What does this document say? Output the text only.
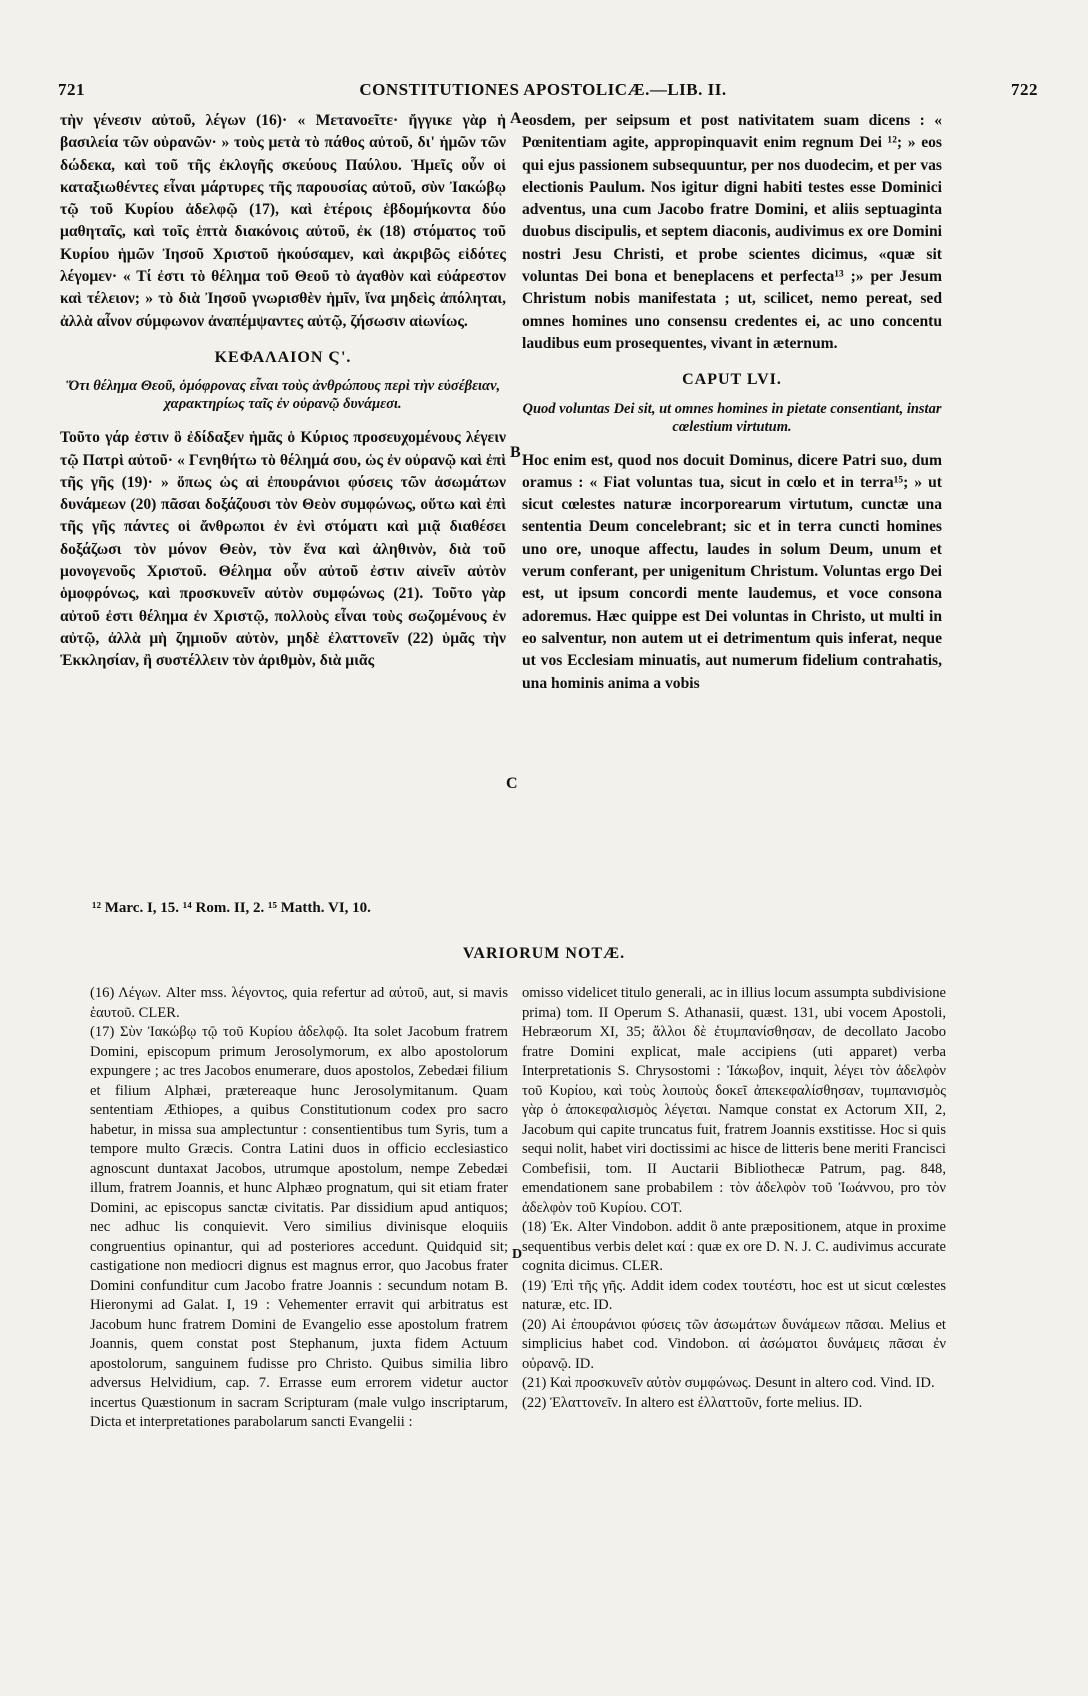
721	CONSTITUTIONES APOSTOLICÆ.—LIB. II.	722

τὴν γένεσιν αὐτοῦ, λέγων (16)· « Μετανοεῖτε· ἤγγικε γὰρ ἡ βασιλεία τῶν οὐρανῶν· » τοὺς μετὰ τὸ πάθος αὐτοῦ, δι' ἡμῶν τῶν δώδεκα, καὶ τοῦ τῆς ἐκλογῆς σκεύους Παύλου. Ἡμεῖς οὖν οἱ καταξιωθέντες εἶναι μάρτυρες τῆς παρουσίας αὐτοῦ, σὺν Ἰακώβῳ τῷ τοῦ Κυρίου ἀδελφῷ (17), καὶ ἑτέροις ἑβδομήκοντα δύο μαθηταῖς, καὶ τοῖς ἑπτὰ διακόνοις αὐτοῦ, ἐκ (18) στόματος τοῦ Κυρίου ἡμῶν Ἰησοῦ Χριστοῦ ἠκούσαμεν, καὶ ἀκριβῶς εἰδότες λέγομεν· « Τί ἐστι τὸ θέλημα τοῦ Θεοῦ τὸ ἀγαθὸν καὶ εὐάρεστον καὶ τέλειον; » τὸ διὰ Ἰησοῦ γνωρισθὲν ἡμῖν, ἵνα μηδεὶς ἀπόληται, ἀλλὰ αἶνον σύμφωνον ἀναπέμψαντες αὐτῷ, ζήσωσιν αἰωνίως.

ΚΕΦΑΛΑΙΟΝ Ϛ'.
Ὅτι θέλημα Θεοῦ, ὁμόφρονας εἶναι τοὺς ἀνθρώπους περὶ τὴν εὐσέβειαν, χαρακτηρίως ταῖς ἐν οὐρανῷ δυνάμεσι.

Τοῦτο γάρ ἐστιν ὃ ἐδίδαξεν ἡμᾶς ὁ Κύριος προσευχομένους λέγειν τῷ Πατρὶ αὐτοῦ· « Γενηθήτω τὸ θέλημά σου, ὡς ἐν οὐρανῷ καὶ ἐπὶ τῆς γῆς (19)· » ὅπως ὡς αἱ ἐπουράνιοι φύσεις τῶν ἀσωμάτων δυνάμεων (20) πᾶσαι δοξάζουσι τὸν Θεὸν συμφώνως, οὕτω καὶ ἐπὶ τῆς γῆς πάντες οἱ ἄνθρωποι ἐν ἑνὶ στόματι καὶ μιᾷ διαθέσει δοξάζωσι τὸν μόνον Θεὸν, τὸν ἕνα καὶ ἀληθινὸν, διὰ τοῦ μονογενοῦς Χριστοῦ. Θέλημα οὖν αὐτοῦ ἐστιν αἰνεῖν αὐτὸν ὁμοφρόνως, καὶ προσκυνεῖν αὐτὸν συμφώνως (21). Τοῦτο γὰρ αὐτοῦ ἐστι θέλημα ἐν Χριστῷ, πολλοὺς εἶναι τοὺς σωζομένους ἐν αὐτῷ, ἀλλὰ μὴ ζημιοῦν αὐτὸν, μηδὲ ἐλαττονεῖν (22) ὑμᾶς τὴν Ἐκκλησίαν, ἢ συστέλλειν τὸν ἀριθμὸν, διὰ μιᾶς

A
B
C

eosdem, per seipsum et post nativitatem suam dicens : « Pœnitentiam agite, appropinquavit enim regnum Dei ¹²; » eos qui ejus passionem subsequuntur, per nos duodecim, et per vas electionis Paulum. Nos igitur digni habiti testes esse Dominici adventus, una cum Jacobo fratre Domini, et aliis septuaginta duobus discipulis, et septem diaconis, audivimus ex ore Domini nostri Jesu Christi, et probe scientes dicimus, «quæ sit voluntas Dei bona et beneplacens et perfecta¹³ ;» per Jesum Christum nobis manifestata ; ut, scilicet, nemo pereat, sed omnes homines uno consensu credentes ei, ac uno concentu laudibus eum prosequentes, vivant in æternum.

CAPUT LVI.
Quod voluntas Dei sit, ut omnes homines in pietate consentiant, instar cœlestium virtutum.

Hoc enim est, quod nos docuit Dominus, dicere Patri suo, dum oramus : « Fiat voluntas tua, sicut in cœlo et in terra¹⁵; » ut sicut cœlestes naturæ incorporearum virtutum, cunctæ una sententia Deum concelebrant; sic et in terra cuncti homines uno ore, unoque affectu, laudes in solum Deum, unum et verum conferant, per unigenitum Christum. Voluntas ergo Dei est, ut ipsum concordi mente laudemus, et voce consona adoremus. Hæc quippe est Dei voluntas in Christo, ut multi in eo salventur, non autem ut ei detrimentum quis inferat, neque ut vos Ecclesiam minuatis, aut numerum fidelium contrahatis, una hominis anima a vobis

¹² Marc. I, 15. ¹⁴ Rom. II, 2. ¹⁵ Matth. VI, 10.
VARIORUM NOTÆ.

(16) Λέγων. Alter mss. λέγοντος, quia refertur ad αὐτοῦ, aut, si mavis ἑαυτοῦ. CLER.

(17) Σὺν Ἰακώβῳ τῷ τοῦ Κυρίου ἀδελφῷ. Ita solet Jacobum fratrem Domini, episcopum primum Jerosolymorum, ex albo apostolorum expungere ; ac tres Jacobos enumerare, duos apostolos, Zebedæi filium et filium Alphæi, prætereaque hunc Jerosolymitanum. Quam sententiam Æthiopes, a quibus Constitutionum codex pro sacro habetur, in missa sua amplectuntur : consentientibus tum Syris, tum a tempore multo Græcis. Contra Latini duos in officio ecclesiastico agnoscunt duntaxat Jacobos, utrumque apostolum, nempe Zebedæi illum, fratrem Joannis, et hunc Alphæo prognatum, qui sit etiam frater Domini, ac episcopus sanctæ civitatis. Par dissidium apud antiquos; nec adhuc lis conquievit. Vero similius divinisque eloquiis congruentius opinantur, qui ad posteriores accedunt. Quidquid sit; castigatione non mediocri dignus est magnus error, quo Jacobus frater Domini confunditur cum Jacobo fratre Joannis : secundum notam B. Hieronymi ad Galat. I, 19 : Vehementer erravit qui arbitratus est Jacobum hunc fratrem Domini de Evangelio esse apostolum fratrem Joannis, quem constat post Stephanum, juxta fidem Actuum apostolorum, sanguinem fudisse pro Christo. Quibus similia libro adversus Helvidium, cap. 7. Errasse eum errorem videtur auctor incertus Quæstionum in sacram Scripturam (male vulgo inscriptarum, Dicta et interpretationes parabolarum sancti Evangelii :

D

omisso videlicet titulo generali, ac in illius locum assumpta subdivisione prima) tom. II Operum S. Athanasii, quæst. 131, ubi vocem Apostoli, Hebræorum XI, 35; ἄλλοι δὲ ἐτυμπανίσθησαν, de decollato Jacobo fratre Domini explicat, male accipiens (uti apparet) verba Interpretationis S. Chrysostomi : Ἰάκωβον, inquit, λέγει τὸν ἀδελφὸν τοῦ Κυρίου, καὶ τοὺς λοιποὺς δοκεῖ ἀπεκεφαλίσθησαν, τυμπανισμὸς γὰρ ὁ ἀποκεφαλισμὸς λέγεται. Namque constat ex Actorum XII, 2, Jacobum qui capite truncatus fuit, fratrem Joannis exstitisse. Hoc si quis sequi nolit, habet viri doctissimi ac hisce de litteris bene meriti Francisci Combefisii, tom. II Auctarii Bibliothecæ Patrum, pag. 848, emendationem sane probabilem : τὸν ἀδελφὸν τοῦ Ἰωάννου, pro τὸν ἀδελφὸν τοῦ Κυρίου. COT.

(18) Ἐκ. Alter Vindobon. addit ὃ ante præpositionem, atque in proxime sequentibus verbis delet καί : quæ ex ore D. N. J. C. audivimus accurate cognita dicimus. CLER.

(19) Ἐπὶ τῆς γῆς. Addit idem codex τουτέστι, hoc est ut sicut cœlestes naturæ, etc. ID.

(20) Αἱ ἐπουράνιοι φύσεις τῶν ἀσωμάτων δυνάμεων πᾶσαι. Melius et simplicius habet cod. Vindobon. αἱ ἀσώματοι δυνάμεις πᾶσαι ἐν οὐρανῷ. ID.

(21) Καὶ προσκυνεῖν αὐτὸν συμφώνως. Desunt in altero cod. Vind. ID.

(22) Ἐλαττονεῖν. In altero est ἐλλαττοῦν, forte melius. ID.
